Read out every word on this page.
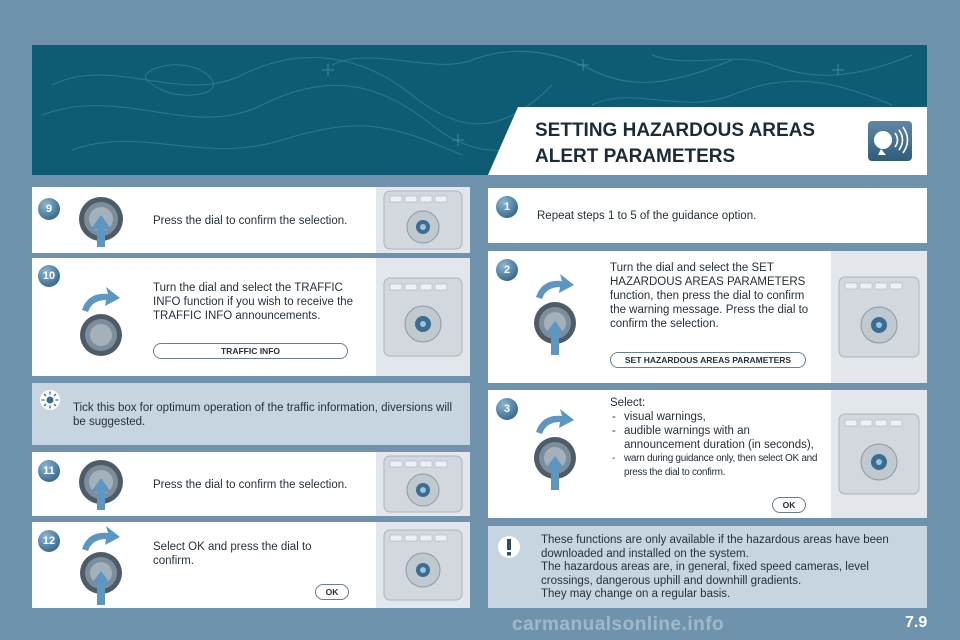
SETTING HAZARDOUS AREAS
ALERT PARAMETERS
9
Press the dial to confirm the selection.
10
Turn the dial and select the TRAFFIC INFO function if you wish to receive the TRAFFIC INFO announcements.
TRAFFIC INFO
Tick this box for optimum operation of the traffic information, diversions will be suggested.
11
Press the dial to confirm the selection.
12	Select OK and press the dial to confirm.
OK
1
Repeat steps 1 to 5 of the guidance option.
2	Turn the dial and select the SET HAZARDOUS AREAS PARAMETERS function, then press the dial to confirm the warning message. Press the dial to confirm the selection.
SET HAZARDOUS AREAS PARAMETERS
3	Select:
- visual warnings,
- audible warnings with an announcement duration (in seconds),
- warn during guidance only, then select OK and press the dial to confirm.
OK
These functions are only available if the hazardous areas have been downloaded and installed on the system.
The hazardous areas are, in general, fixed speed cameras, level crossings, dangerous uphill and downhill gradients.
They may change on a regular basis.
carmanualsonline.info	7.9
